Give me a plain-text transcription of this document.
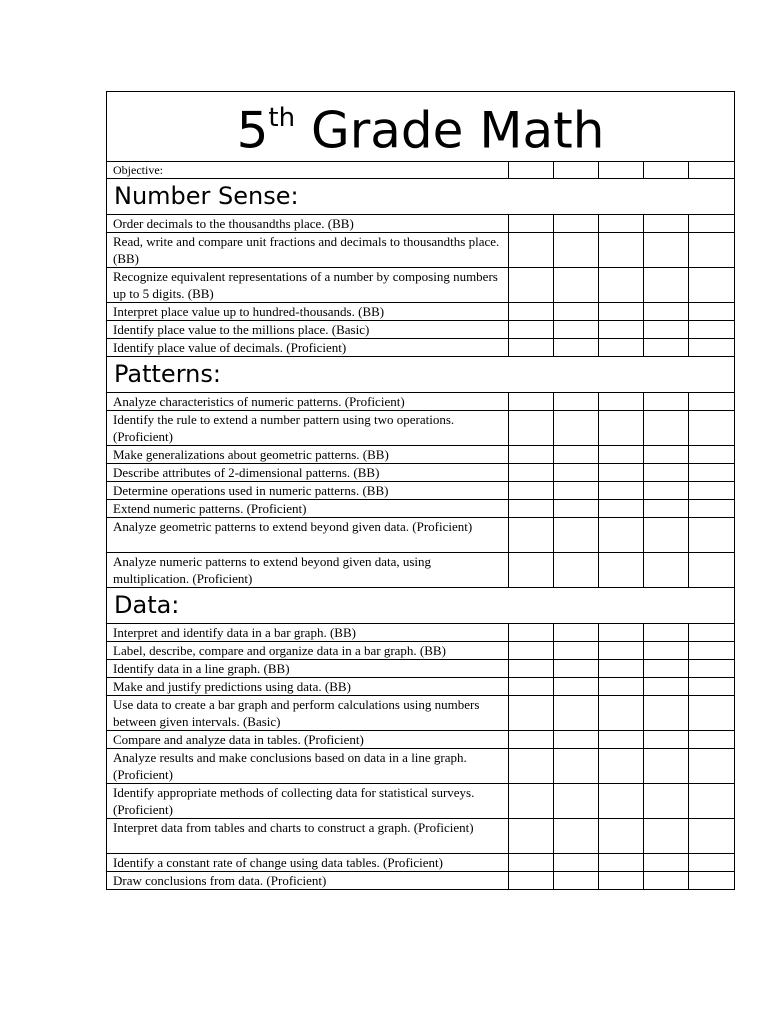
5th Grade Math					

Objective:					

Number Sense:					

Order decimals to the thousandths place. (BB)					

Read, write and compare unit fractions and decimals to thousandths place. (BB)					

Recognize equivalent representations of a number by composing numbers up to 5 digits. (BB)					

Interpret place value up to hundred-thousands. (BB)					

Identify place value to the millions place. (Basic)					

Identify place value of decimals. (Proficient)					

Patterns:					

Analyze characteristics of numeric patterns. (Proficient)					

Identify the rule to extend a number pattern using two operations. (Proficient)					

Make generalizations about geometric patterns. (BB)					

Describe attributes of 2-dimensional patterns. (BB)					

Determine operations used in numeric patterns. (BB)					

Extend numeric patterns. (Proficient)					

Analyze geometric patterns to extend beyond given data. (Proficient)					

Analyze numeric patterns to extend beyond given data, using multiplication. (Proficient)					

Data:					

Interpret and identify data in a bar graph. (BB)					

Label, describe, compare and organize data in a bar graph. (BB)					

Identify data in a line graph. (BB)					

Make and justify predictions using data. (BB)					

Use data to create a bar graph and perform calculations using numbers between given intervals. (Basic)					

Compare and analyze data in tables. (Proficient)					

Analyze results and make conclusions based on data in a line graph. (Proficient)					

Identify appropriate methods of collecting data for statistical surveys. (Proficient)					

Interpret data from tables and charts to construct a graph. (Proficient)					

Identify a constant rate of change using data tables. (Proficient)					

Draw conclusions from data. (Proficient)					
